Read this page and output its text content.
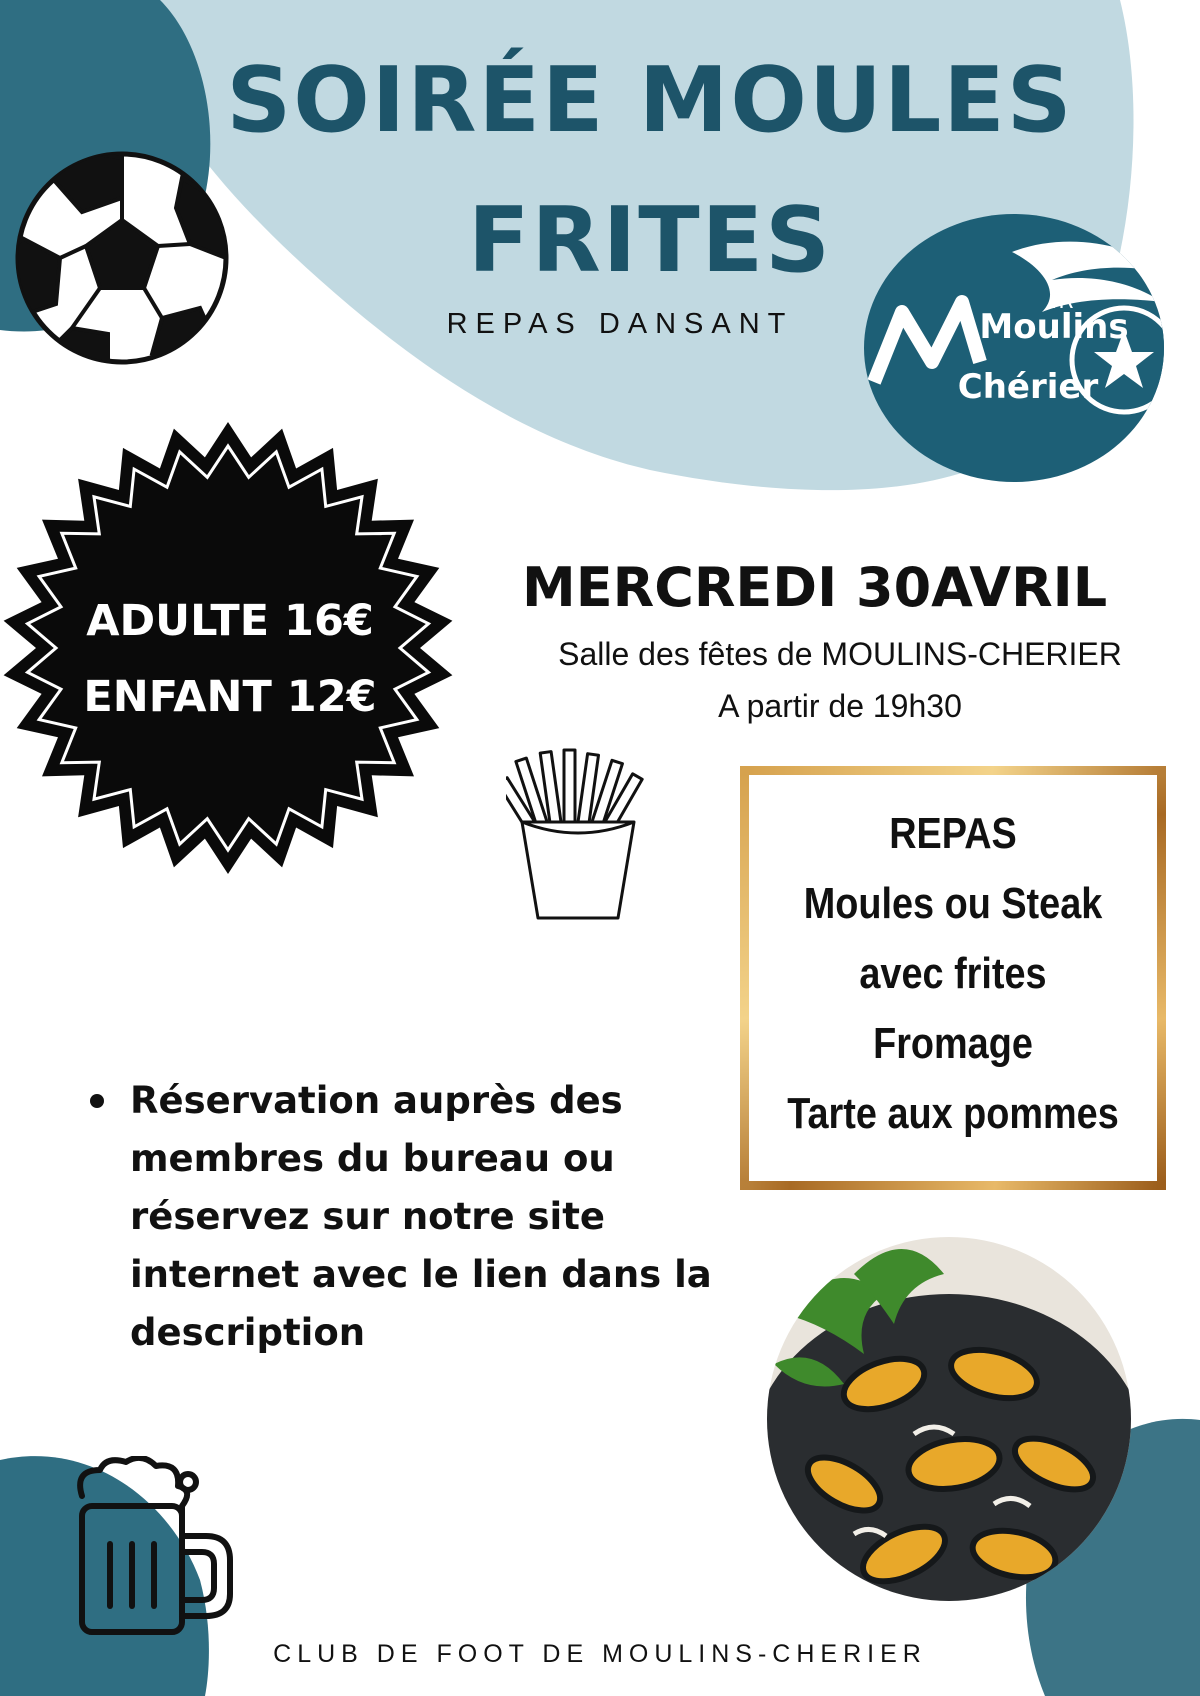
Moulins
Chérier
fR
SOIRÉE MOULES
FRITES
REPAS DANSANT
ADULTE 16€
ENFANT 12€
MERCREDI 30AVRIL
Salle des fêtes de MOULINS-CHERIER
A partir de 19h30
REPAS
Moules ou Steak
avec frites
Fromage
Tarte aux pommes
Réservation auprès des
membres du bureau ou
réservez sur notre site
internet avec le lien dans la
description
CLUB DE FOOT DE MOULINS-CHERIER
